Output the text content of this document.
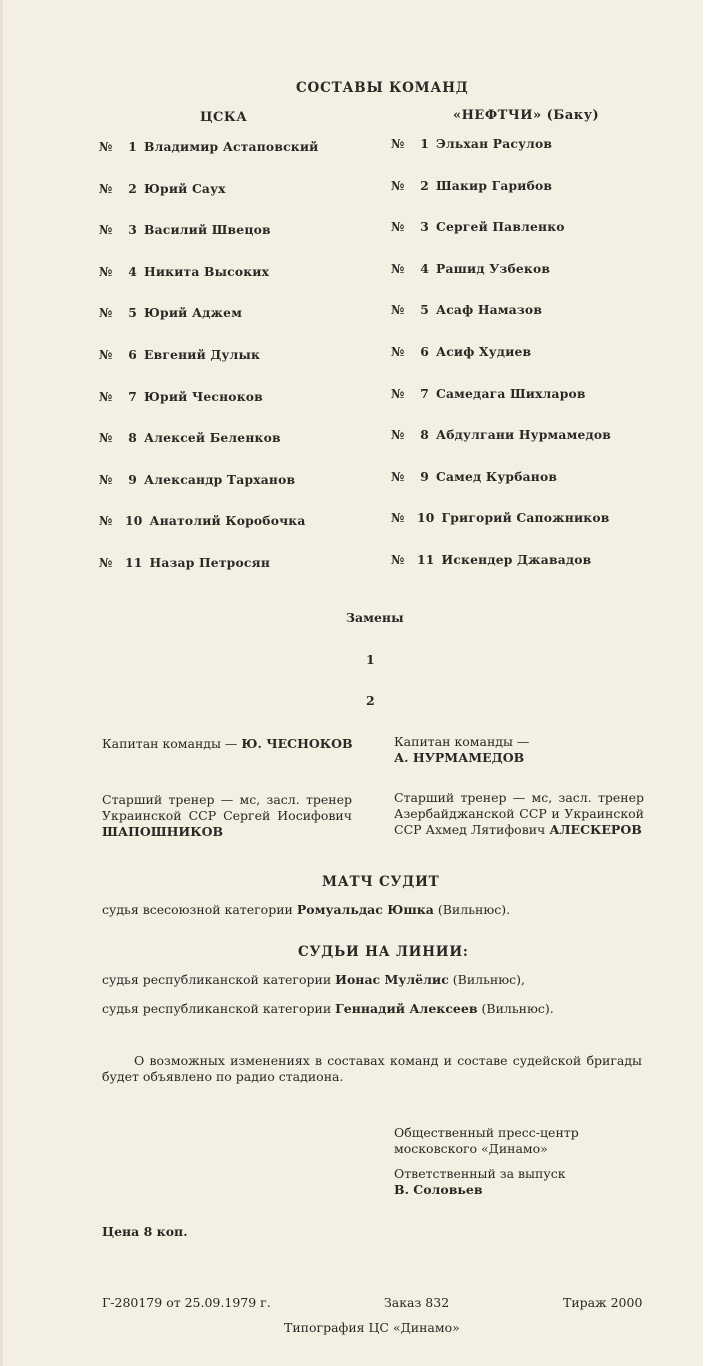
СОСТАВЫ КОМАНД
ЦСКА	«НЕФТЧИ» (Баку)
№ 1 Владимир Астаповский
№ 2 Юрий Саух
№ 3 Василий Швецов
№ 4 Никита Высоких
№ 5 Юрий Аджем
№ 6 Евгений Дулык
№ 7 Юрий Чесноков
№ 8 Алексей Беленков
№ 9 Александр Тарханов
№ 10 Анатолий Коробочка
№ 11 Назар Петросян
№ 1 Эльхан Расулов
№ 2 Шакир Гарибов
№ 3 Сергей Павленко
№ 4 Рашид Узбеков
№ 5 Асаф Намазов
№ 6 Асиф Худиев
№ 7 Самедага Шихларов
№ 8 Абдулгани Нурмамедов
№ 9 Самед Курбанов
№ 10 Григорий Сапожников
№ 11 Искендер Джавадов
Замены
1
2
Капитан команды — Ю. ЧЕСНОКОВ	Капитан команды —
А. НУРМАМЕДОВ
Старший тренер — мс, засл. тренер Украинской ССР Сергей Иосифович ШАПОШНИКОВ
Старший тренер — мс, засл. тренер Азербайджанской ССР и Украинской ССР Ахмед Лятифович АЛЕСКЕРОВ
МАТЧ СУДИТ
судья всесоюзной категории Ромуальдас Юшка (Вильнюс).
СУДЬИ НА ЛИНИИ:
судья республиканской категории Ионас Мулёлис (Вильнюс),
судья республиканской категории Геннадий Алексеев (Вильнюс).
О возможных изменениях в составах команд и составе судейской бригады будет объявлено по радио стадиона.
Общественный пресс-центр
московского «Динамо»
Ответственный за выпуск
В. Соловьев
Цена 8 коп.
Г-280179 от 25.09.1979 г.	Заказ 832	Тираж 2000
Типография ЦС «Динамо»
